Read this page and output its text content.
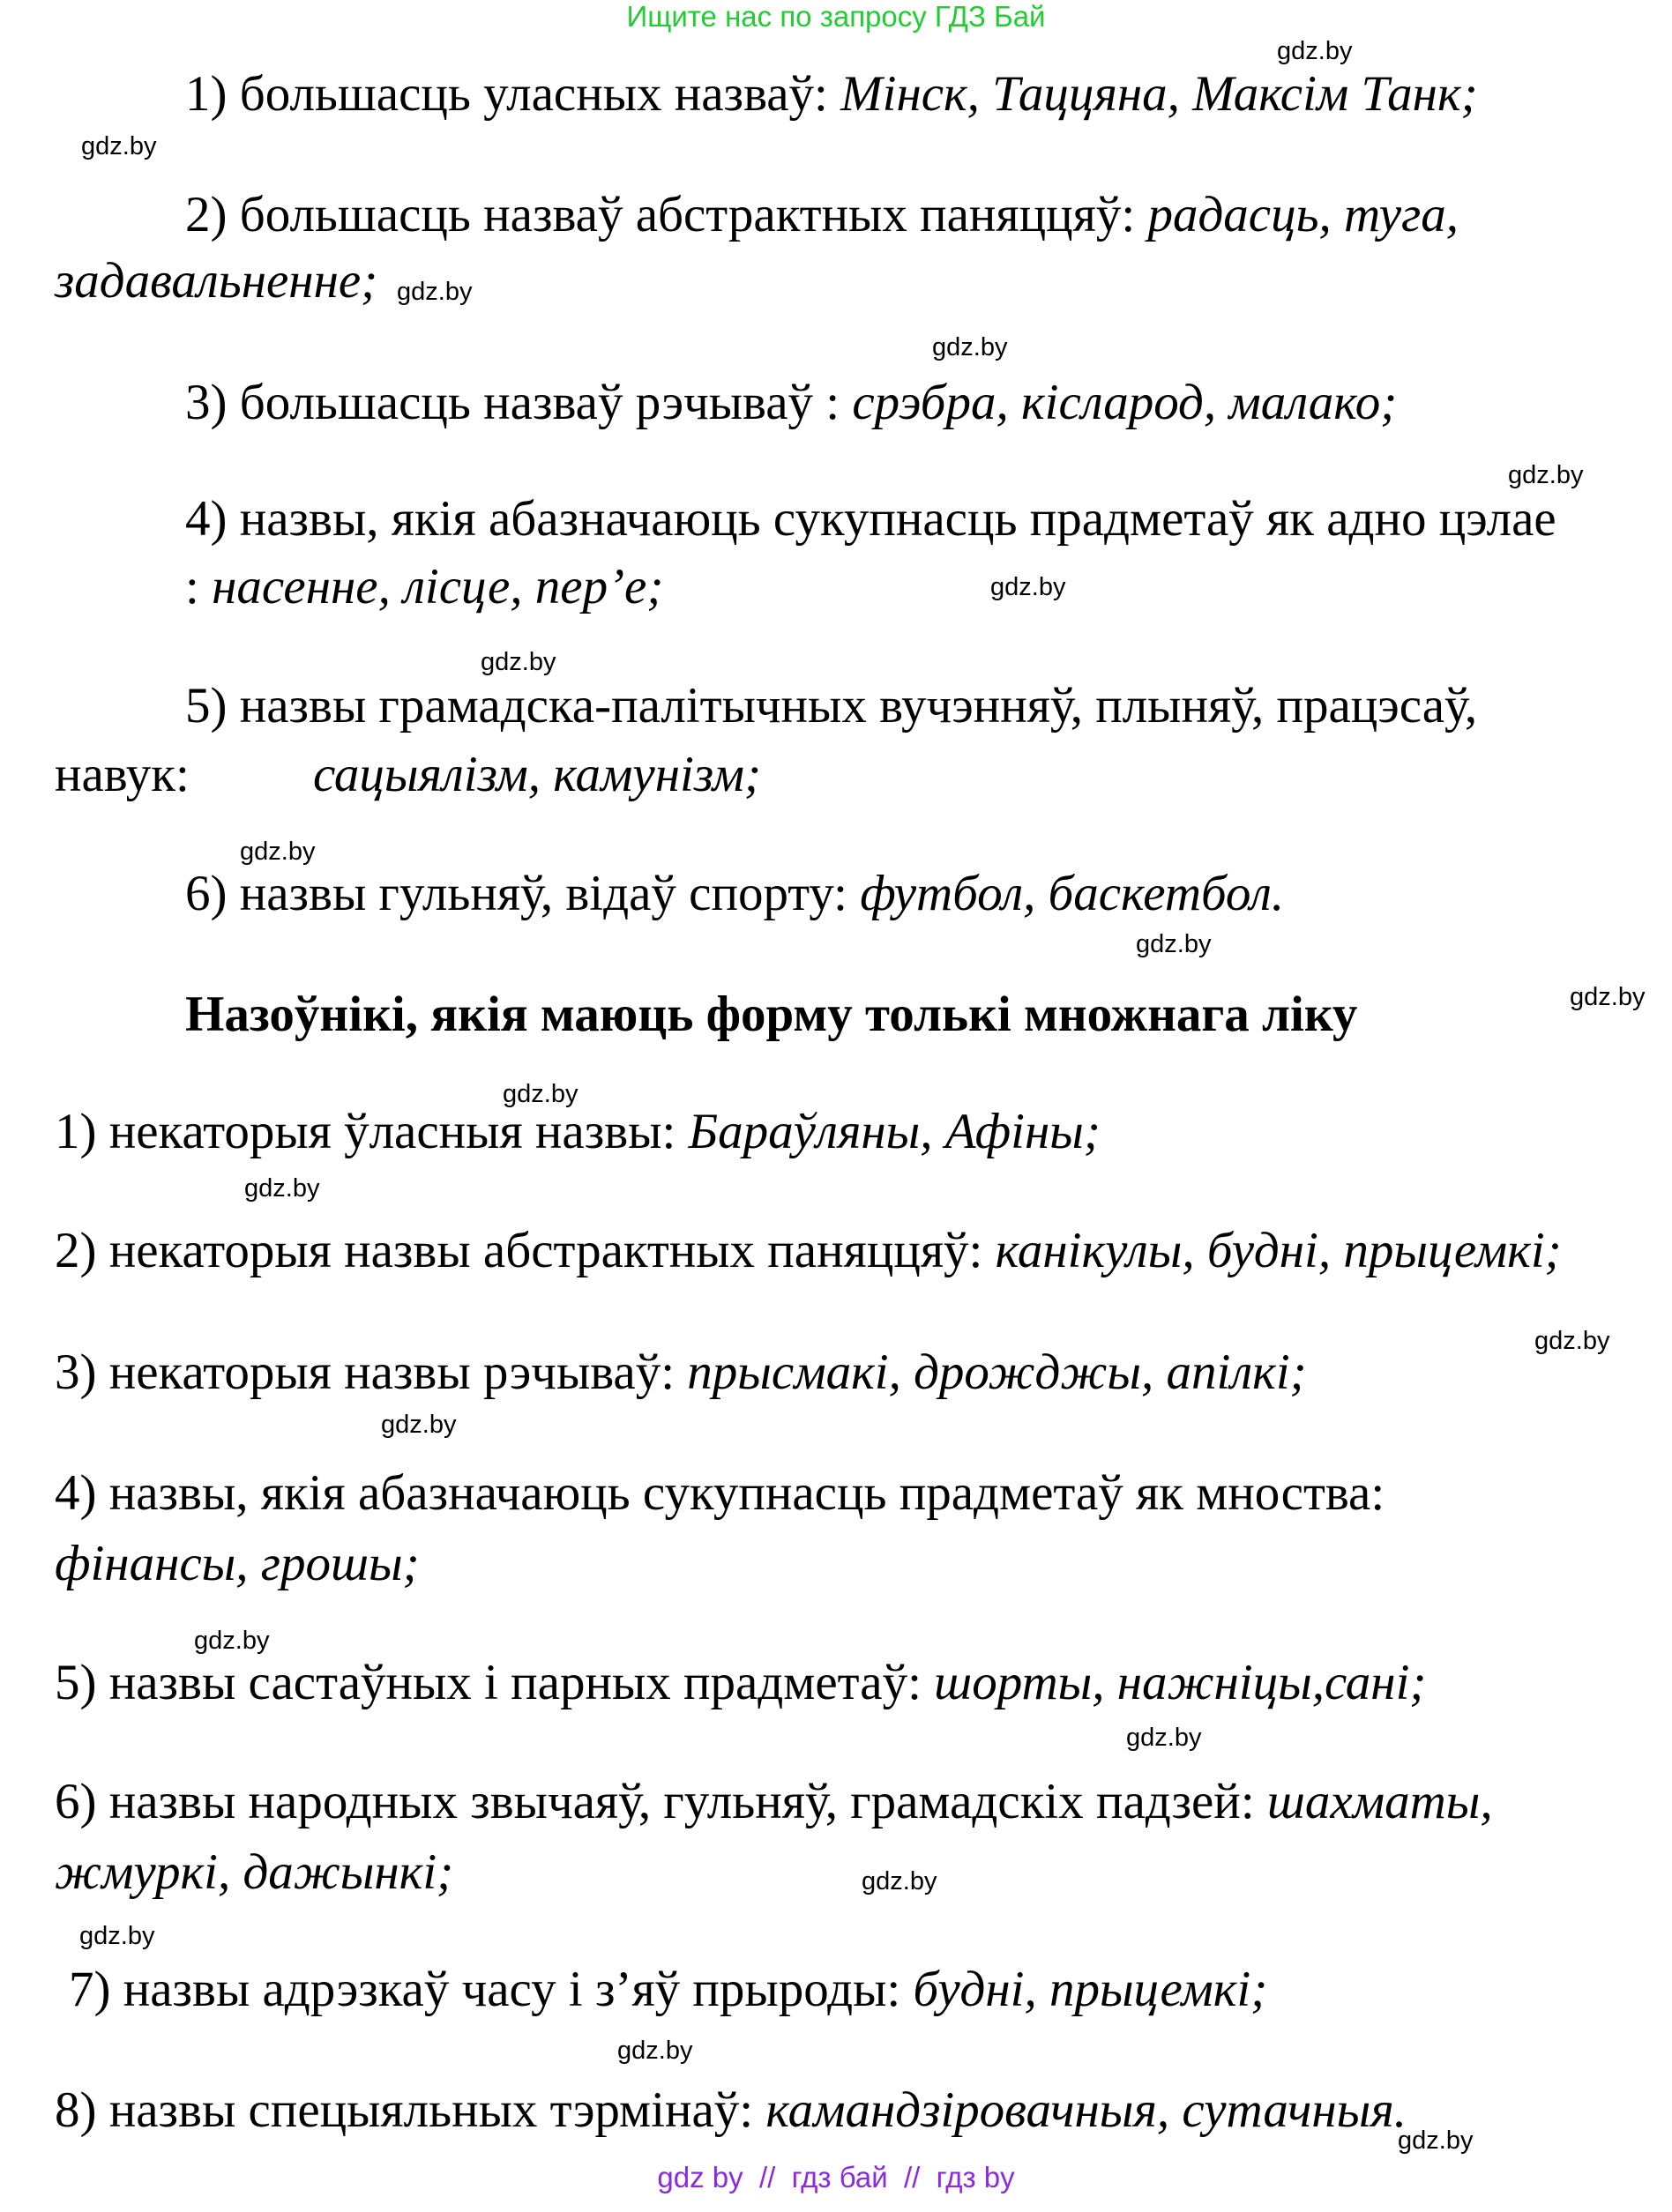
Ищите нас по запросу ГДЗ Бай
1) большасць уласных назваў: Мінск, Таццяна, Максім Танк;
2) большасць назваў абстрактных паняццяў: радасць, туга,
задавальненне;
3) большасць назваў рэчываў : срэбра, кісларод, малако;
4) назвы, якія абазначаюць сукупнасць прадметаў як адно цэлае
: насенне, лісце, пер’е;
5) назвы грамадска-палітычных вучэнняў, плыняў, працэсаў,
навук: сацыялізм, камунізм;
6) назвы гульняў, відаў спорту: футбол, баскетбол.
Назоўнікі, якія маюць форму толькі множнага ліку
1) некаторыя ўласныя назвы: Бараўляны, Афіны;
2) некаторыя назвы абстрактных паняццяў: канікулы, будні, прыцемкі;
3) некаторыя назвы рэчываў: прысмакі, дрожджы, апілкі;
4) назвы, якія абазначаюць сукупнасць прадметаў як мноства:
фінансы, грошы;
5) назвы састаўных і парных прадметаў: шорты, нажніцы,сані;
6) назвы народных звычаяў, гульняў, грамадскіх падзей: шахматы,
жмуркі, дажынкі;
7) назвы адрэзкаў часу і з’яў прыроды: будні, прыцемкі;
8) назвы спецыяльных тэрмінаў: камандзіровачныя, сутачныя.
gdz.by
gdz.by
gdz.by
gdz.by
gdz.by
gdz.by
gdz.by
gdz.by
gdz.by
gdz.by
gdz.by
gdz.by
gdz.by
gdz.by
gdz.by
gdz.by
gdz.by
gdz.by
gdz.by
gdz.by
gdz by  //  гдз бай  //  гдз by
